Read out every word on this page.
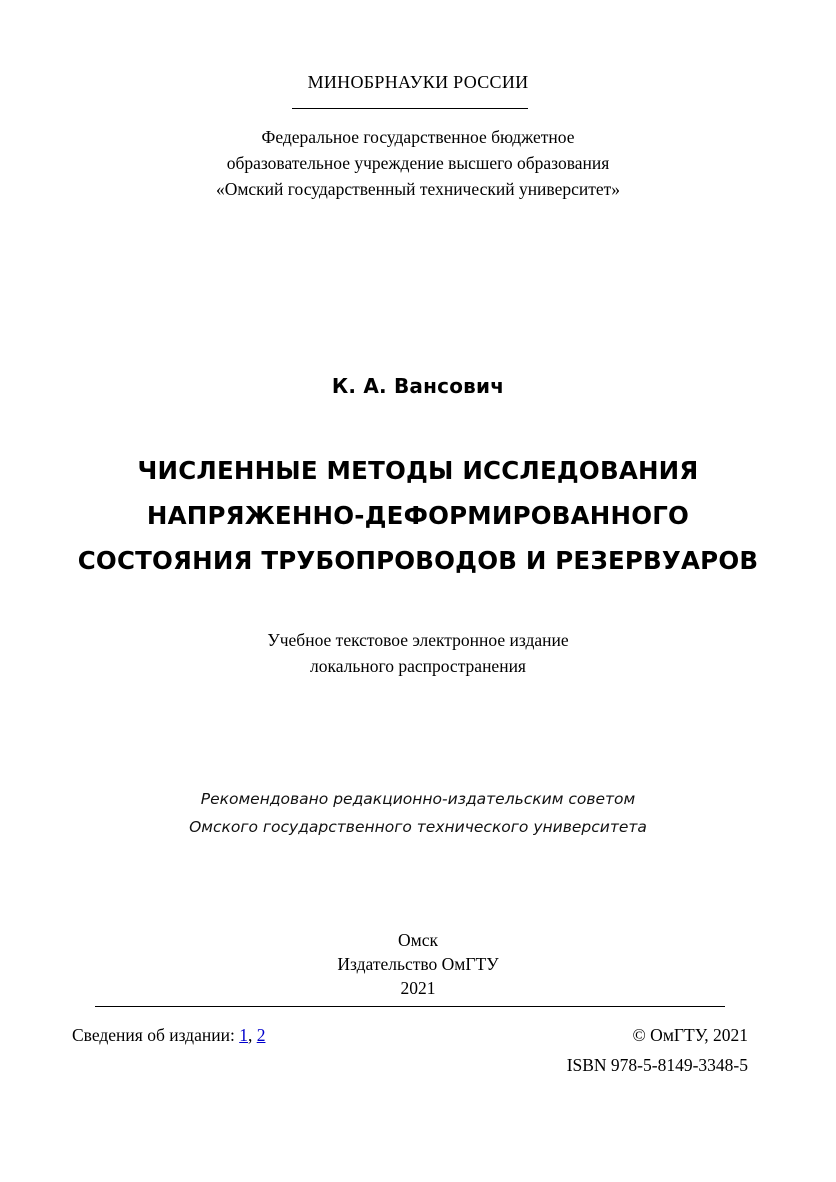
МИНОБРНАУКИ РОССИИ
Федеральное государственное бюджетное
образовательное учреждение высшего образования
«Омский государственный технический университет»
К. А. Вансович
ЧИСЛЕННЫЕ МЕТОДЫ ИССЛЕДОВАНИЯ
НАПРЯЖЕННО-ДЕФОРМИРОВАННОГО
СОСТОЯНИЯ ТРУБОПРОВОДОВ И РЕЗЕРВУАРОВ
Учебное текстовое электронное издание
локального распространения
Рекомендовано редакционно-издательским советом
Омского государственного технического университета
Омск
Издательство ОмГТУ
2021
Сведения об издании: 1, 2	© ОмГТУ, 2021
ISBN 978-5-8149-3348-5
